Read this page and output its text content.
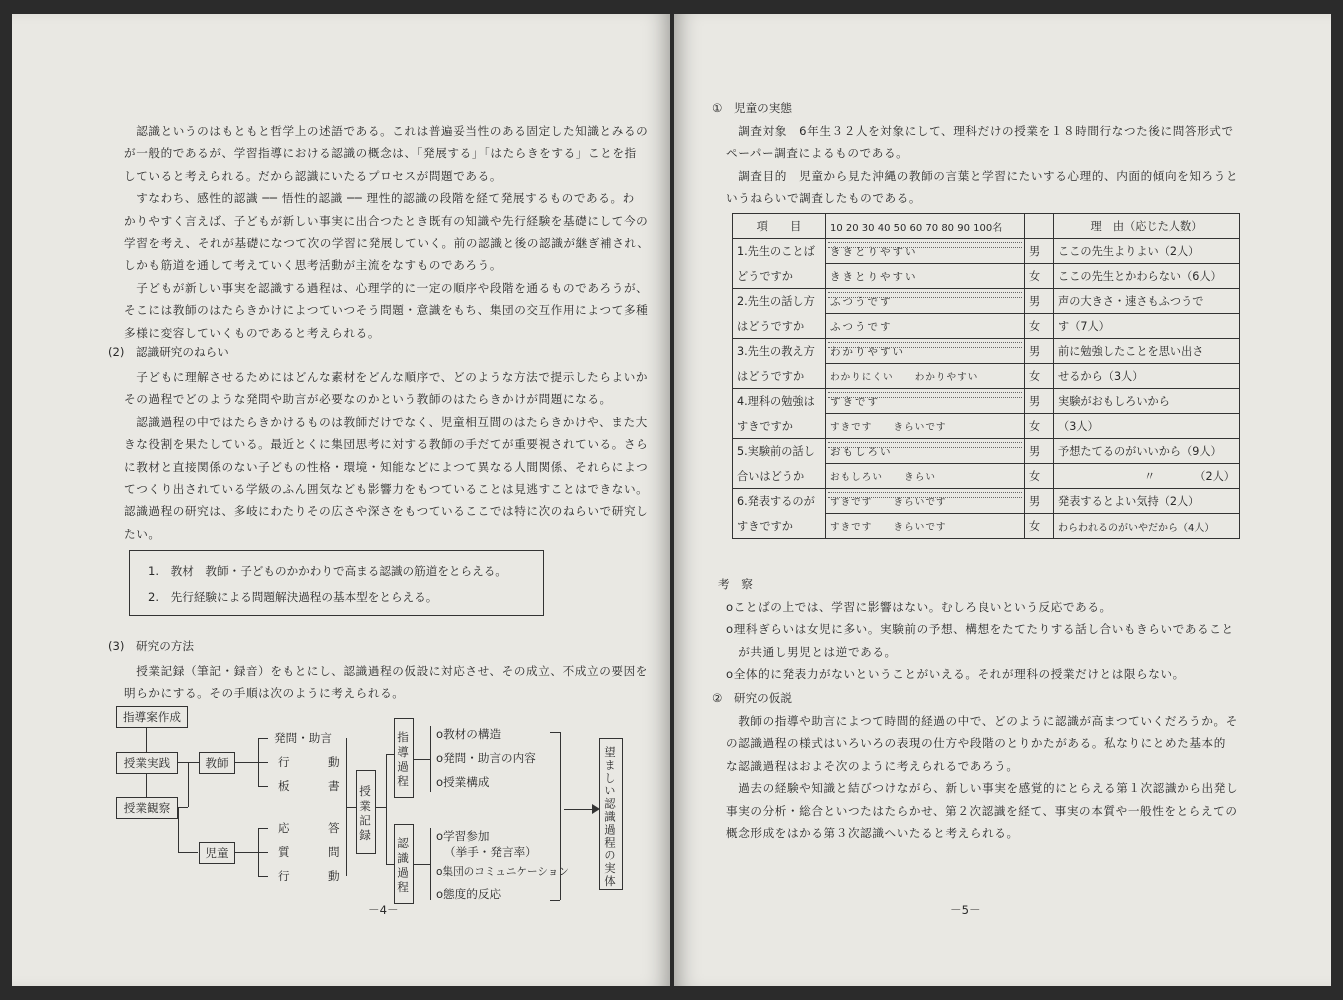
　認識というのはもともと哲学上の述語である。これは普遍妥当性のある固定した知識とみるの

が一般的であるが、学習指導における認識の概念は、「発展する」「はたらきをする」ことを指

していると考えられる。だから認識にいたるプロセスが問題である。

　すなわち、感性的認識 ── 悟性的認識 ── 理性的認識の段階を経て発展するものである。わ

かりやすく言えば、子どもが新しい事実に出合つたとき既有の知識や先行経験を基礎にして今の

学習を考え、それが基礎になつて次の学習に発展していく。前の認識と後の認識が継ぎ補され、

しかも筋道を通して考えていく思考活動が主流をなすものであろう。

　子どもが新しい事実を認識する過程は、心理学的に一定の順序や段階を通るものであろうが、

そこには教師のはたらきかけによつていつそう問題・意識をもち、集団の交互作用によつて多種

多様に変容していくものであると考えられる。

(2)　認識研究のねらい

　子どもに理解させるためにはどんな素材をどんな順序で、どのような方法で提示したらよいか

その過程でどのような発問や助言が必要なのかという教師のはたらきかけが問題になる。

　認識過程の中ではたらきかけるものは教師だけでなく、児童相互間のはたらきかけや、また大

きな役割を果たしている。最近とくに集団思考に対する教師の手だてが重要視されている。さら

に教材と直接関係のない子どもの性格・環境・知能などによつて異なる人間関係、それらによつ

てつくり出されている学級のふん囲気なども影響力をもつていることは見逃すことはできない。

認識過程の研究は、多岐にわたりその広さや深さをもつているここでは特に次のねらいで研究し

たい。

1.　教材　教師・子どものかかわりで高まる認識の筋道をとらえる。
2.　先行経験による問題解決過程の基本型をとらえる。
(3)　研究の方法

　授業記録（筆記・録音）をもとにし、認識過程の仮設に対応させ、その成立、不成立の要因を

明らかにする。その手順は次のように考えられる。

指導案作成
授業実践
授業観察
教師
児童
発問・助言
行	動
板	書
応	答
質	問
行	動
授業記録
指導過程
認識過程
o教材の構造
o発問・助言の内容
o授業構成
o学習参加
（挙手・発言率）
o集団のコミュニケーション
o態度的反応
望ましい認識過程の実体
－4－
①　児童の実態

　調査対象　6年生３２人を対象にして、理科だけの授業を１８時間行なつた後に問答形式で

ペーパー調査によるものである。

　調査目的　児童から見た沖縄の教師の言葉と学習にたいする心理的、内面的傾向を知ろうと

いうねらいで調査したものである。

項　　目	10 20 30 40 50 60 70 80 90 100名		理　由（応じた人数）
1.先生のことば	ききとりやすい	男	ここの先生よりよい（2人）
どうですか	ききとりやすい	女	ここの先生とかわらない（6人）
2.先生の話し方	ふつうです	男	声の大きさ・速さもふつうで
はどうですか	ふつうです	女	す（7人）
3.先生の教え方	わかりやすい	男	前に勉強したことを思い出さ
はどうですか	わかりにくい　　わかりやすい	女	せるから（3人）
4.理科の勉強は	すきです	男	実験がおもしろいから
すきですか	すきです　　きらいです	女	（3人）
5.実験前の話し	おもしろい	男	予想たてるのがいいから（9人）
合いはどうか	おもしろい　　きらい	女	〃　　　　（2人）
6.発表するのが	すきです　　きらいです	男	発表するとよい気持（2人）
すきですか	すきです　　きらいです	女	わらわれるのがいやだから（4人）
考　察

oことばの上では、学習に影響はない。むしろ良いという反応である。

o理科ぎらいは女児に多い。実験前の予想、構想をたてたりする話し合いもきらいであること

　が共通し男児とは逆である。

o全体的に発表力がないということがいえる。それが理科の授業だけとは限らない。

②　研究の仮説

　教師の指導や助言によつて時間的経過の中で、どのように認識が高まつていくだろうか。そ

の認識過程の様式はいろいろの表現の仕方や段階のとりかたがある。私なりにとめた基本的

な認識過程はおよそ次のように考えられるであろう。

　過去の経験や知識と結びつけながら、新しい事実を感覚的にとらえる第１次認識から出発し

事実の分析・総合といつたはたらかせ、第２次認識を経て、事実の本質や一般性をとらえての

概念形成をはかる第３次認識へいたると考えられる。

－5－
